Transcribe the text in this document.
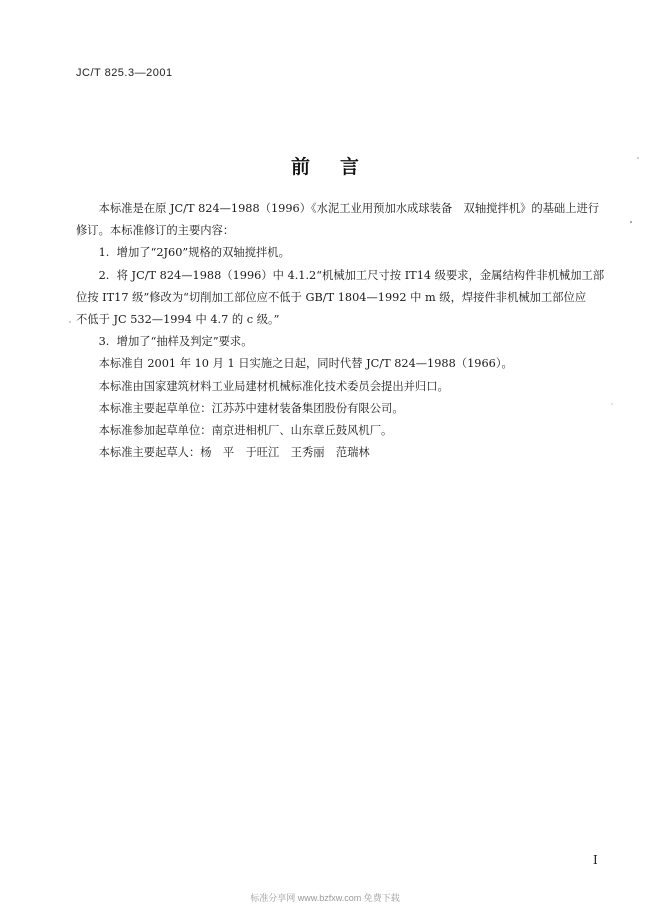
JC/T 825.3—2001
前言

本标准是在原 JC/T 824—1988（1996）《水泥工业用预加水成球装备　双轴搅拌机》的基础上进行

修订。本标准修订的主要内容：

1. 增加了“2J60”规格的双轴搅拌机。

2. 将 JC/T 824—1988（1996）中 4.1.2“机械加工尺寸按 IT14 级要求，金属结构件非机械加工部

位按 IT17 级”修改为“切削加工部位应不低于 GB/T 1804—1992 中 m 级，焊接件非机械加工部位应

不低于 JC 532—1994 中 4.7 的 c 级。”

3. 增加了“抽样及判定”要求。

本标准自 2001 年 10 月 1 日实施之日起，同时代替 JC/T 824—1988（1966）。

本标准由国家建筑材料工业局建材机械标准化技术委员会提出并归口。

本标准主要起草单位：江苏苏中建材装备集团股份有限公司。

本标准参加起草单位：南京进相机厂、山东章丘鼓风机厂。

本标准主要起草人：杨　平　于旺江　王秀丽　范瑞林

I
标准分享网 www.bzfxw.com 免费下载
